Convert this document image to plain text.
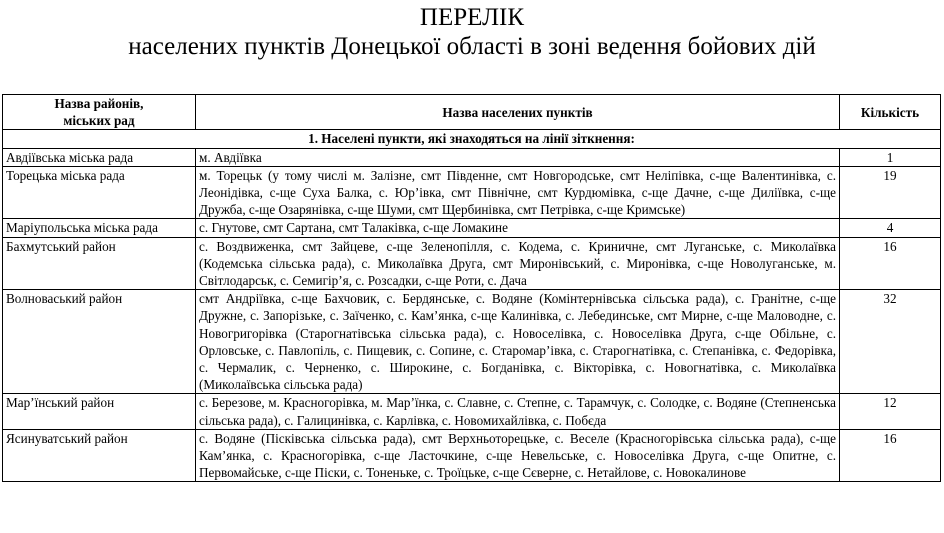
ПЕРЕЛІК

населених пунктів Донецької області в зоні ведення бойових дій

Назва районів,
міських рад	Назва населених пунктів	Кількість
1. Населені пункти, які знаходяться на лінії зіткнення:		
Авдіївська міська рада	м. Авдіївка	1
Торецька міська рада	м. Торецьк (у тому числі м. Залізне, смт Південне, смт Новгородське, смт Неліпівка, с-ще Валентинівка, с. Леонідівка, с-ще Суха Балка, с. Юр’івка, смт Північне, смт Курдюмівка, с-ще Дачне, с-ще Диліївка, с-ще Дружба, с-ще Озарянівка, с-ще Шуми, смт Щербинівка, смт Петрівка, с-ще Кримське)	19
Маріупольська міська рада	с. Гнутове, смт Сартана, смт Талаківка, с-ще Ломакине	4
Бахмутський район	с. Воздвиженка, смт Зайцеве, с-ще Зеленопілля, с. Кодема, с. Криничне, смт Луганське, с. Миколаївка (Кодемська сільська рада), с. Миколаївка Друга, смт Миронівський, с. Миронівка, с-ще Новолуганське, м. Світлодарськ, с. Семигір’я, с. Розсадки, с-ще Роти, с. Дача	16
Волноваський район	смт Андріївка, с-ще Бахчовик, с. Бердянське, с. Водяне (Комінтернівська сільська рада), с. Гранітне, с-ще Дружне, с. Запорізьке, с. Заїченко, с. Кам’янка, с-ще Калинівка, с. Лебединське, смт Мирне, с-ще Маловодне, с. Новогригорівка (Старогнатівська сільська рада), с. Новоселівка, с. Новоселівка Друга, с-ще Обільне, с. Орловське, с. Павлопіль, с. Пищевик, с. Сопине, с. Старомар’івка, с. Старогнатівка, с. Степанівка, с. Федорівка, с. Чермалик, с. Черненко, с. Широкине, с. Богданівка, с. Вікторівка, с. Новогнатівка, с. Миколаївка (Миколаївська сільська рада)	32
Мар’їнський район	с. Березове, м. Красногорівка, м. Мар’їнка, с. Славне, с. Степне, с. Тарамчук, с. Солодке, с. Водяне (Степненська сільська рада), с. Галицинівка, с. Карлівка, с. Новомихайлівка, с. Побєда	12
Ясинуватський район	с. Водяне (Пісківська сільська рада), смт Верхньоторецьке, с. Веселе (Красногорівська сільська рада), с-ще Кам’янка, с. Красногорівка, с-ще Ласточкине, с-ще Невельське, с. Новоселівка Друга, с-ще Опитне, с. Первомайське, с-ще Піски, с. Тоненьке, с. Троїцьке, с-ще Сєверне, с. Нетайлове, с. Новокалинове	16
